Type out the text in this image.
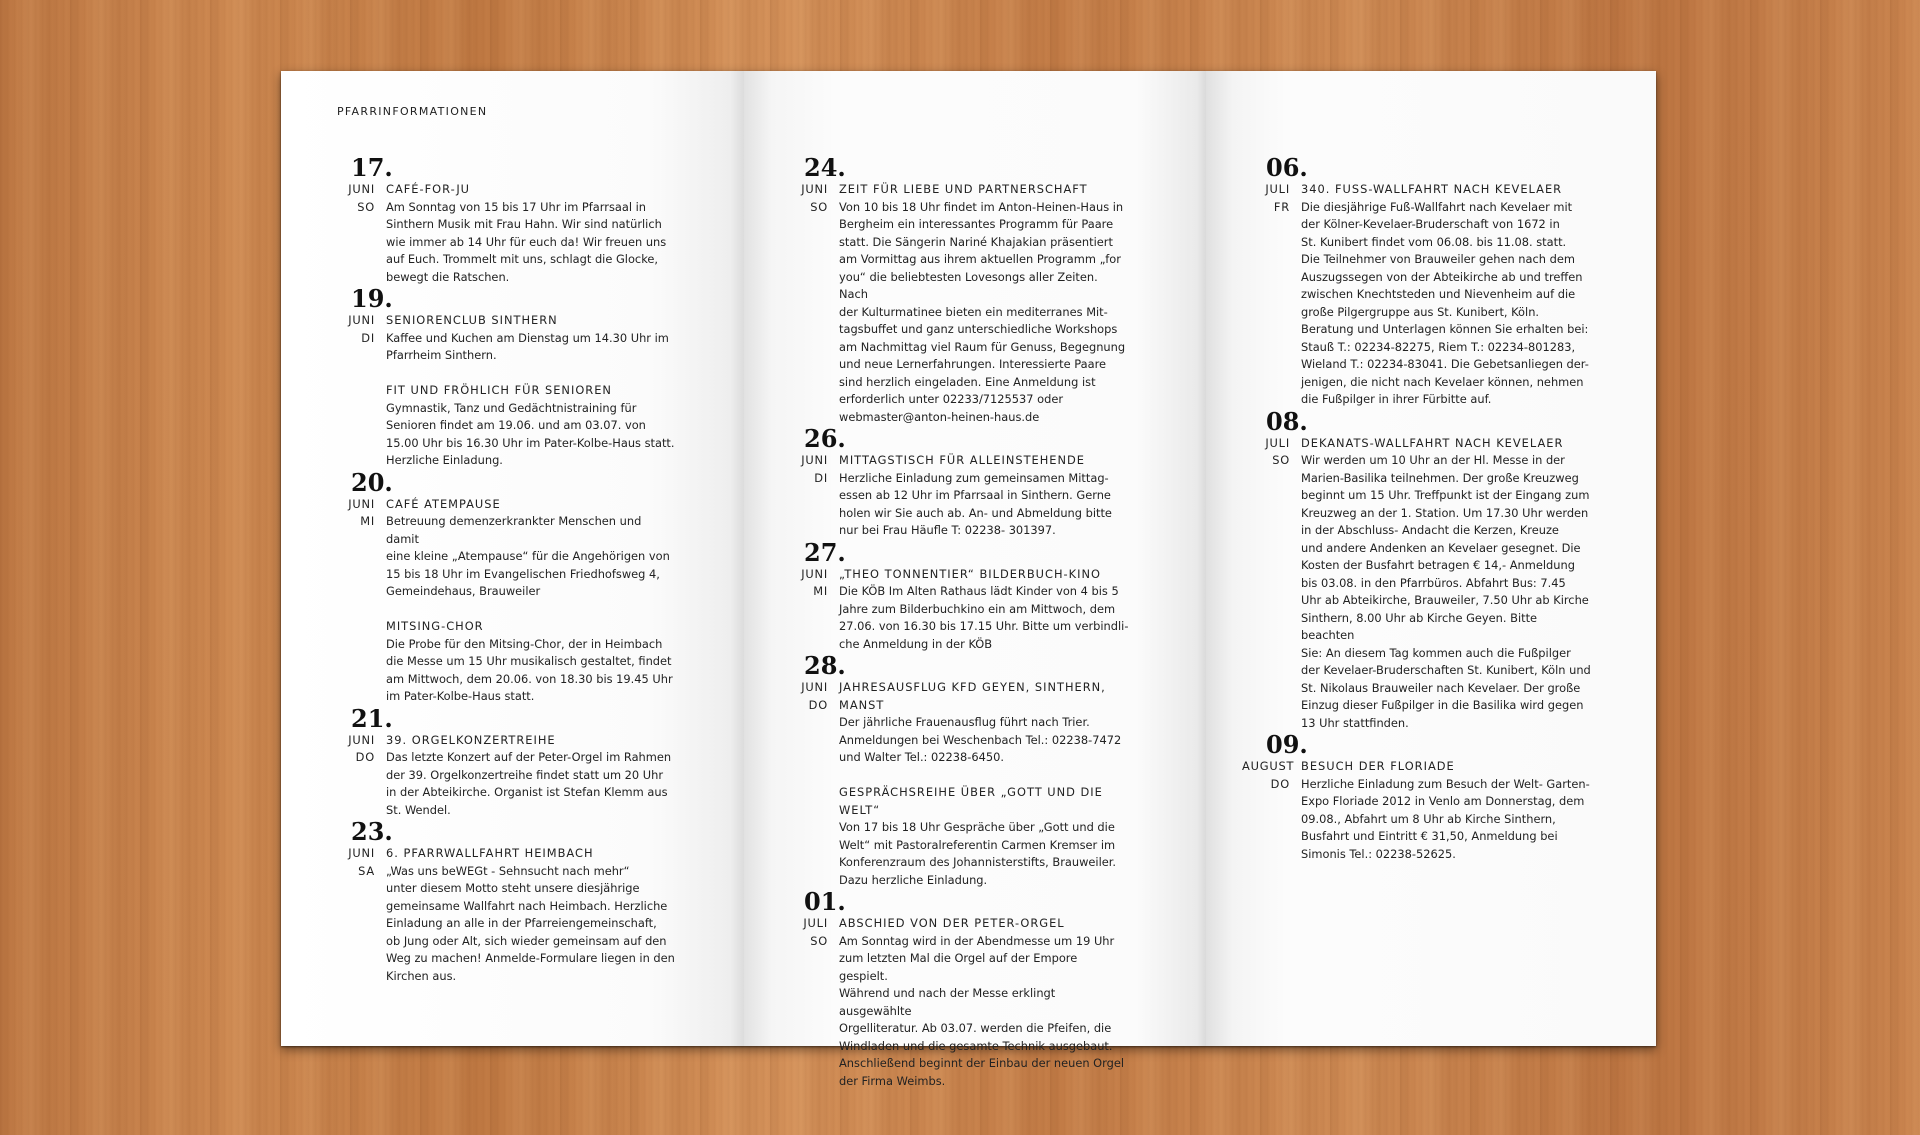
PFARRINFORMATIONEN
17.
JUNI
SO
CAFÉ-FOR-JU
Am Sonntag von 15 bis 17 Uhr im Pfarrsaal in
Sinthern Musik mit Frau Hahn. Wir sind natürlich
wie immer ab 14 Uhr für euch da! Wir freuen uns
auf Euch. Trommelt mit uns, schlagt die Glocke,
bewegt die Ratschen.
19.
JUNI
DI
SENIORENCLUB SINTHERN
Kaffee und Kuchen am Dienstag um 14.30 Uhr im
Pfarrheim Sinthern.
FIT UND FRÖHLICH FÜR SENIOREN
Gymnastik, Tanz und Gedächtnistraining für
Senioren findet am 19.06. und am 03.07. von
15.00 Uhr bis 16.30 Uhr im Pater-Kolbe-Haus statt.
Herzliche Einladung.
20.
JUNI
MI
CAFÉ ATEMPAUSE
Betreuung demenzerkrankter Menschen und damit
eine kleine „Atempause“ für die Angehörigen von
15 bis 18 Uhr im Evangelischen Friedhofsweg 4,
Gemeindehaus, Brauweiler
MITSING-CHOR
Die Probe für den Mitsing-Chor, der in Heimbach
die Messe um 15 Uhr musikalisch gestaltet, findet
am Mittwoch, dem 20.06. von 18.30 bis 19.45 Uhr
im Pater-Kolbe-Haus statt.
21.
JUNI
DO
39. ORGELKONZERTREIHE
Das letzte Konzert auf der Peter-Orgel im Rahmen
der 39. Orgelkonzertreihe findet statt um 20 Uhr
in der Abteikirche. Organist ist Stefan Klemm aus
St. Wendel.
23.
JUNI
SA
6. PFARRWALLFAHRT HEIMBACH
„Was uns beWEGt - Sehnsucht nach mehr“
unter diesem Motto steht unsere diesjährige
gemeinsame Wallfahrt nach Heimbach. Herzliche
Einladung an alle in der Pfarreiengemeinschaft,
ob Jung oder Alt, sich wieder gemeinsam auf den
Weg zu machen! Anmelde-Formulare liegen in den
Kirchen aus.
24.
JUNI
SO
ZEIT FÜR LIEBE UND PARTNERSCHAFT
Von 10 bis 18 Uhr findet im Anton-Heinen-Haus in
Bergheim ein interessantes Programm für Paare
statt. Die Sängerin Nariné Khajakian präsentiert
am Vormittag aus ihrem aktuellen Programm „for
you“ die beliebtesten Lovesongs aller Zeiten. Nach
der Kulturmatinee bieten ein mediterranes Mit-
tagsbuffet und ganz unterschiedliche Workshops
am Nachmittag viel Raum für Genuss, Begegnung
und neue Lernerfahrungen. Interessierte Paare
sind herzlich eingeladen. Eine Anmeldung ist
erforderlich unter 02233/7125537 oder
webmaster@anton-heinen-haus.de
26.
JUNI
DI
MITTAGSTISCH FÜR ALLEINSTEHENDE
Herzliche Einladung zum gemeinsamen Mittag-
essen ab 12 Uhr im Pfarrsaal in Sinthern. Gerne
holen wir Sie auch ab. An- und Abmeldung bitte
nur bei Frau Häufle T: 02238- 301397.
27.
JUNI
MI
„THEO TONNENTIER“ BILDERBUCH-KINO
Die KÖB Im Alten Rathaus lädt Kinder von 4 bis 5
Jahre zum Bilderbuchkino ein am Mittwoch, dem
27.06. von 16.30 bis 17.15 Uhr. Bitte um verbindli-
che Anmeldung in der KÖB
28.
JUNI
DO
JAHRESAUSFLUG KFD GEYEN, SINTHERN, MANST
Der jährliche Frauenausflug führt nach Trier.
Anmeldungen bei Weschenbach Tel.: 02238-7472
und Walter Tel.: 02238-6450.
GESPRÄCHSREIHE ÜBER „GOTT UND DIE WELT“
Von 17 bis 18 Uhr Gespräche über „Gott und die
Welt“ mit Pastoralreferentin Carmen Kremser im
Konferenzraum des Johannisterstifts, Brauweiler.
Dazu herzliche Einladung.
01.
JULI
SO
ABSCHIED VON DER PETER-ORGEL
Am Sonntag wird in der Abendmesse um 19 Uhr
zum letzten Mal die Orgel auf der Empore gespielt.
Während und nach der Messe erklingt ausgewählte
Orgelliteratur. Ab 03.07. werden die Pfeifen, die
Windladen und die gesamte Technik ausgebaut.
Anschließend beginnt der Einbau der neuen Orgel
der Firma Weimbs.
06.
JULI
FR
340. FUSS-WALLFAHRT NACH KEVELAER
Die diesjährige Fuß-Wallfahrt nach Kevelaer mit
der Kölner-Kevelaer-Bruderschaft von 1672 in
St. Kunibert findet vom 06.08. bis 11.08. statt.
Die Teilnehmer von Brauweiler gehen nach dem
Auszugssegen von der Abteikirche ab und treffen
zwischen Knechtsteden und Nievenheim auf die
große Pilgergruppe aus St. Kunibert, Köln.
Beratung und Unterlagen können Sie erhalten bei:
Stauß T.: 02234-82275, Riem T.: 02234-801283,
Wieland T.: 02234-83041. Die Gebetsanliegen der-
jenigen, die nicht nach Kevelaer können, nehmen
die Fußpilger in ihrer Fürbitte auf.
08.
JULI
SO
DEKANATS-WALLFAHRT NACH KEVELAER
Wir werden um 10 Uhr an der Hl. Messe in der
Marien-Basilika teilnehmen. Der große Kreuzweg
beginnt um 15 Uhr. Treffpunkt ist der Eingang zum
Kreuzweg an der 1. Station. Um 17.30 Uhr werden
in der Abschluss- Andacht die Kerzen, Kreuze
und andere Andenken an Kevelaer gesegnet. Die
Kosten der Busfahrt betragen € 14,- Anmeldung
bis 03.08. in den Pfarrbüros. Abfahrt Bus: 7.45
Uhr ab Abteikirche, Brauweiler, 7.50 Uhr ab Kirche
Sinthern, 8.00 Uhr ab Kirche Geyen. Bitte beachten
Sie: An diesem Tag kommen auch die Fußpilger
der Kevelaer-Bruderschaften St. Kunibert, Köln und
St. Nikolaus Brauweiler nach Kevelaer. Der große
Einzug dieser Fußpilger in die Basilika wird gegen
13 Uhr stattfinden.
09.
AUGUST
DO
BESUCH DER FLORIADE
Herzliche Einladung zum Besuch der Welt- Garten-
Expo Floriade 2012 in Venlo am Donnerstag, dem
09.08., Abfahrt um 8 Uhr ab Kirche Sinthern,
Busfahrt und Eintritt € 31,50, Anmeldung bei
Simonis Tel.: 02238-52625.
